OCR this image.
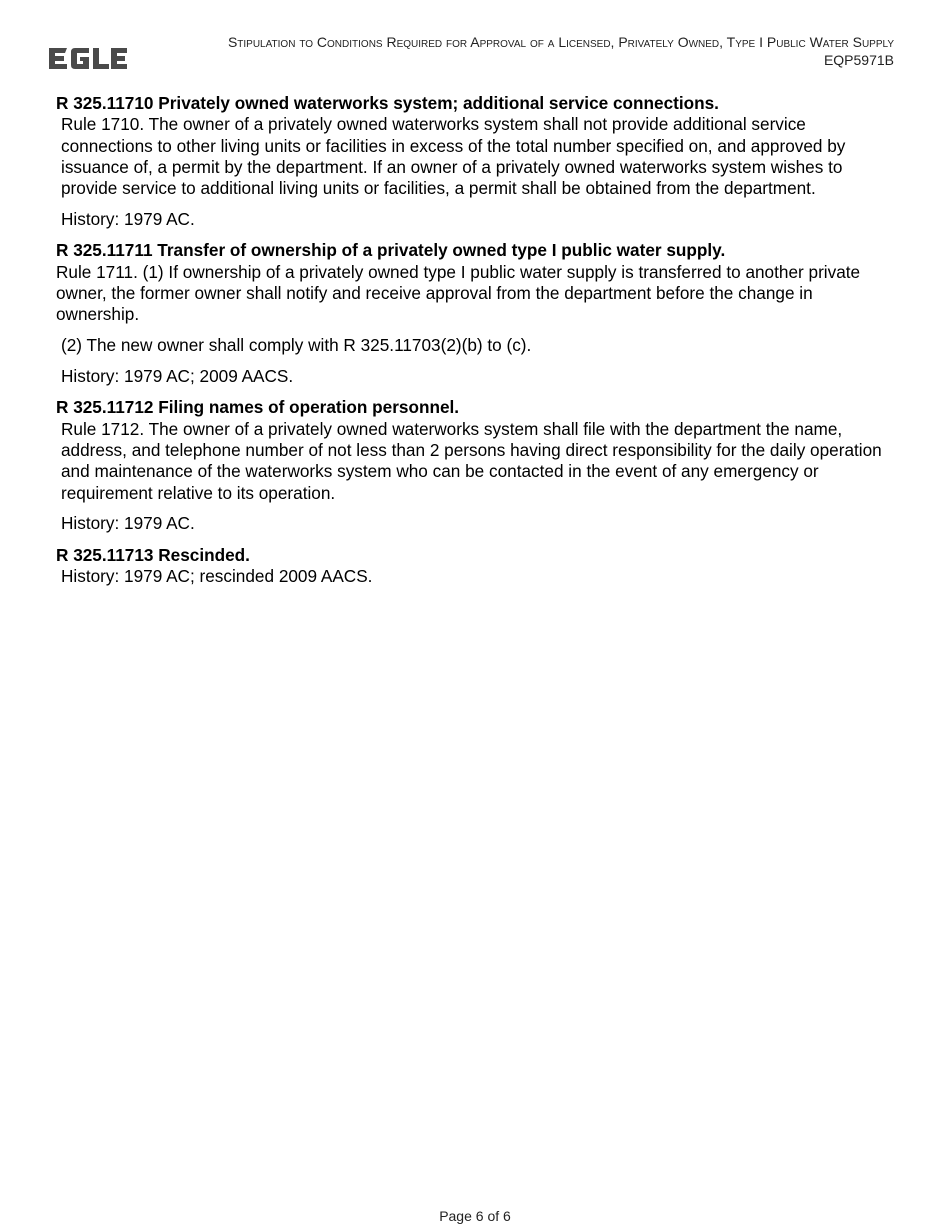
Stipulation to Conditions Required for Approval of a Licensed, Privately Owned, Type I Public Water Supply
EQP5971B
R 325.11710 Privately owned waterworks system; additional service connections.

Rule 1710. The owner of a privately owned waterworks system shall not provide additional service connections to other living units or facilities in excess of the total number specified on, and approved by issuance of, a permit by the department. If an owner of a privately owned waterworks system wishes to provide service to additional living units or facilities, a permit shall be obtained from the department.

History: 1979 AC.

R 325.11711 Transfer of ownership of a privately owned type I public water supply.

Rule 1711. (1) If ownership of a privately owned type I public water supply is transferred to another private owner, the former owner shall notify and receive approval from the department before the change in ownership.

(2) The new owner shall comply with R 325.11703(2)(b) to (c).

History: 1979 AC; 2009 AACS.

R 325.11712 Filing names of operation personnel.

Rule 1712. The owner of a privately owned waterworks system shall file with the department the name, address, and telephone number of not less than 2 persons having direct responsibility for the daily operation and maintenance of the waterworks system who can be contacted in the event of any emergency or requirement relative to its operation.

History: 1979 AC.

R 325.11713 Rescinded.

History: 1979 AC; rescinded 2009 AACS.

Page 6 of 6
